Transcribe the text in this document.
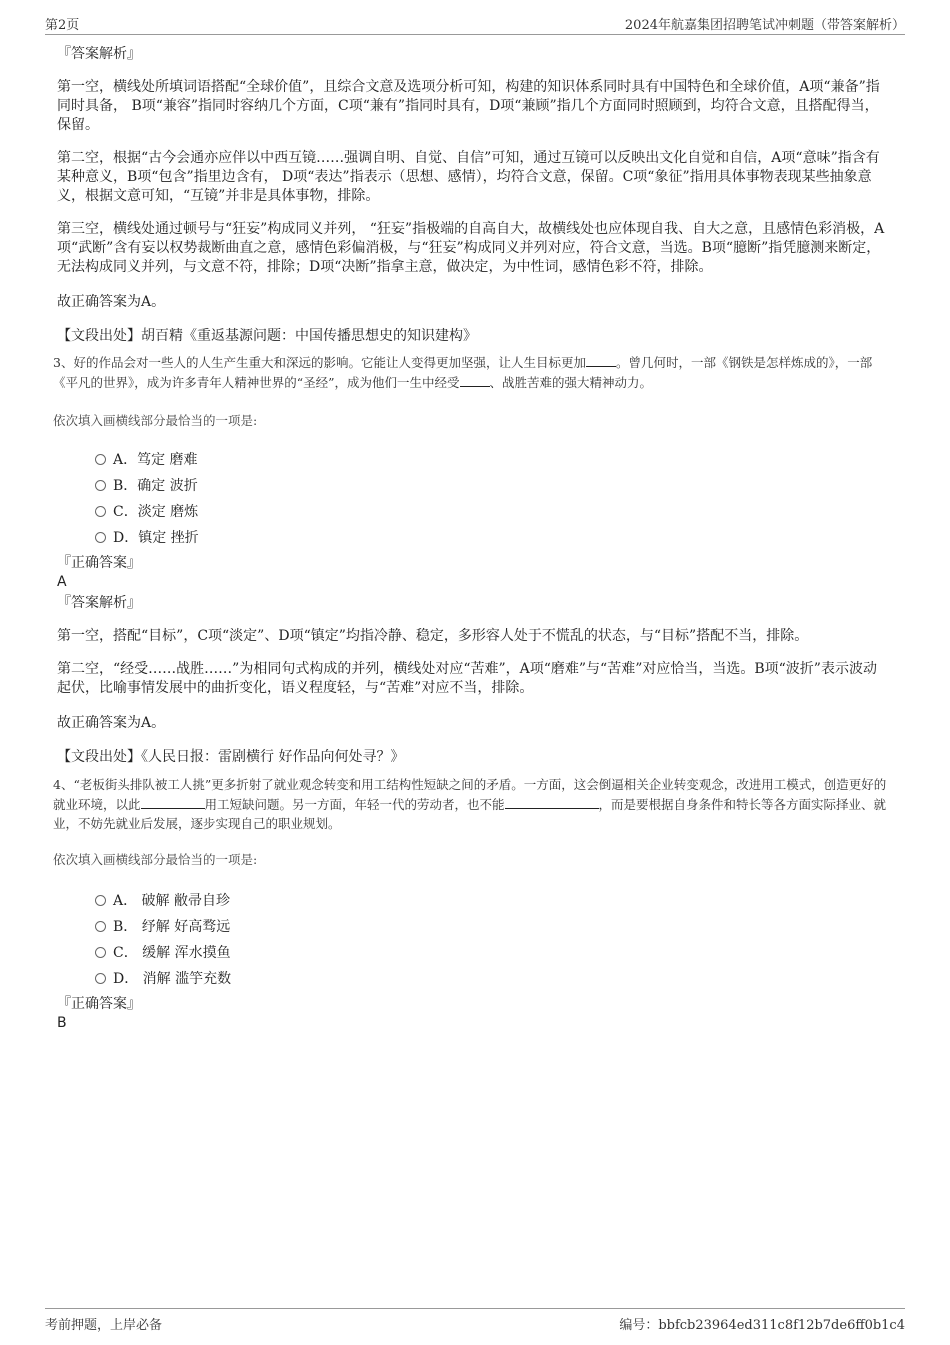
第2页	2024年航嘉集团招聘笔试冲刺题（带答案解析）

『答案解析』

第一空，横线处所填词语搭配“全球价值”，且综合文意及选项分析可知，构建的知识体系同时具有中国特色和全球价值，A项“兼备”指同时具备， B项“兼容”指同时容纳几个方面，C项“兼有”指同时具有，D项“兼顾”指几个方面同时照顾到，均符合文意，且搭配得当，保留。

第二空，根据“古今会通亦应伴以中西互镜……强调自明、自觉、自信”可知，通过互镜可以反映出文化自觉和自信，A项“意味”指含有某种意义，B项“包含”指里边含有， D项“表达”指表示（思想、感情），均符合文意，保留。C项“象征”指用具体事物表现某些抽象意义，根据文意可知，“互镜”并非是具体事物，排除。

第三空，横线处通过顿号与“狂妄”构成同义并列， “狂妄”指极端的自高自大，故横线处也应体现自我、自大之意，且感情色彩消极，A项“武断”含有妄以权势裁断曲直之意，感情色彩偏消极，与“狂妄”构成同义并列对应，符合文意，当选。B项“臆断”指凭臆测来断定，无法构成同义并列，与文意不符，排除；D项“决断”指拿主意，做决定，为中性词，感情色彩不符，排除。

故正确答案为A。

【文段出处】胡百精《重返基源问题：中国传播思想史的知识建构》

3、好的作品会对一些人的人生产生重大和深远的影响。它能让人变得更加坚强，让人生目标更加 。曾几何时，一部《钢铁是怎样炼成的》，一部《平凡的世界》，成为许多青年人精神世界的“圣经”，成为他们一生中经受 、战胜苦难的强大精神动力。

依次填入画横线部分最恰当的一项是:

A．笃定 磨难
B．确定 波折
C．淡定 磨炼
D．镇定 挫折

『正确答案』

A

『答案解析』

第一空，搭配“目标”，C项“淡定”、D项“镇定”均指冷静、稳定，多形容人处于不慌乱的状态，与“目标”搭配不当，排除。

第二空，“经受……战胜……”为相同句式构成的并列，横线处对应“苦难”，A项“磨难”与“苦难”对应恰当，当选。B项“波折”表示波动起伏，比喻事情发展中的曲折变化，语义程度轻，与“苦难”对应不当，排除。

故正确答案为A。

【文段出处】《人民日报：雷剧横行 好作品向何处寻？》

4、“老板街头排队被工人挑”更多折射了就业观念转变和用工结构性短缺之间的矛盾。一方面，这会倒逼相关企业转变观念，改进用工模式，创造更好的就业环境，以此	用工短缺问题。另一方面，年轻一代的劳动者，也不能	，而是要根据自身条件和特长等各方面实际择业、就业，不妨先就业后发展，逐步实现自己的职业规划。

依次填入画横线部分最恰当的一项是:

A． 破解 敝帚自珍
B． 纾解 好高骛远
C． 缓解 浑水摸鱼
D． 消解 滥竽充数

『正确答案』

B

考前押题，上岸必备	编号：bbfcb23964ed311c8f12b7de6ff0b1c4
